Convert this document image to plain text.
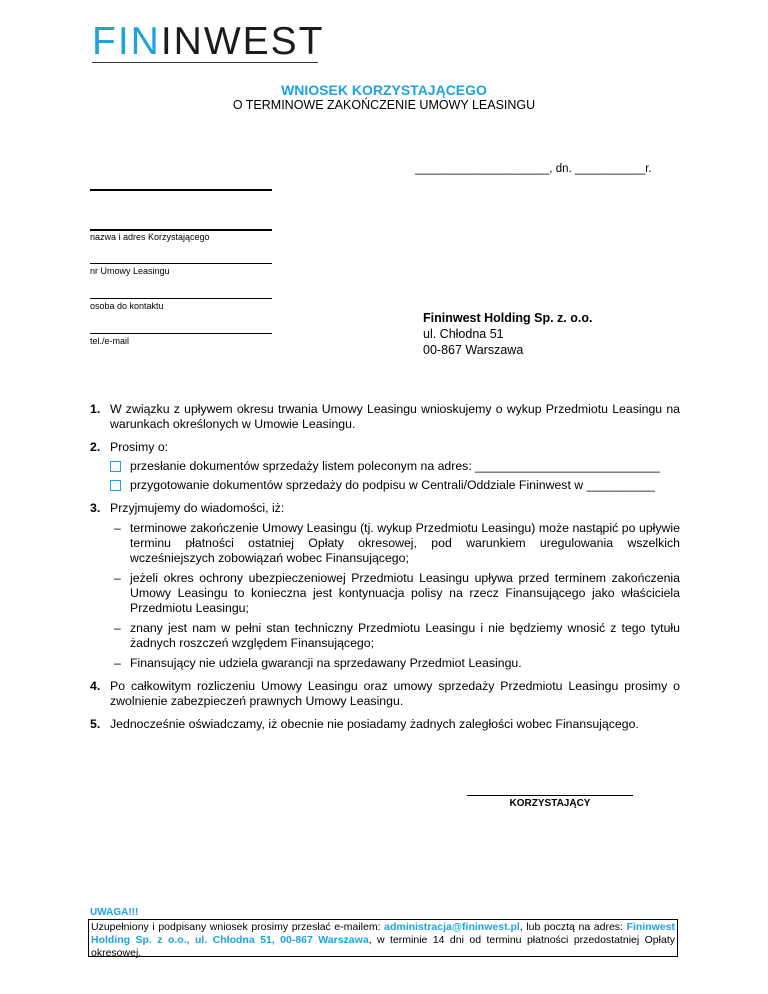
FININWEST
WNIOSEK KORZYSTAJĄCEGO
O TERMINOWE ZAKOŃCZENIE UMOWY LEASINGU
_____________________, dn. ___________r.
nazwa i adres Korzystającego
nr Umowy Leasingu
osoba do kontaktu
tel./e-mail
Fininwest Holding Sp. z. o.o.
ul. Chłodna 51
00-867 Warszawa
1. W związku z upływem okresu trwania Umowy Leasingu wnioskujemy o wykup Przedmiotu Leasingu na warunkach określonych w Umowie Leasingu.
2. Prosimy o:
przesłanie dokumentów sprzedaży listem poleconym na adres: ___________________________
przygotowanie dokumentów sprzedaży do podpisu w Centrali/Oddziale Fininwest w __________
3. Przyjmujemy do wiadomości, iż:
– terminowe zakończenie Umowy Leasingu (tj. wykup Przedmiotu Leasingu) może nastąpić po upływie terminu płatności ostatniej Opłaty okresowej, pod warunkiem uregulowania wszelkich wcześniejszych zobowiązań wobec Finansującego;
– jeżeli okres ochrony ubezpieczeniowej Przedmiotu Leasingu upływa przed terminem zakończenia Umowy Leasingu to konieczna jest kontynuacja polisy na rzecz Finansującego jako właściciela Przedmiotu Leasingu;
– znany jest nam w pełni stan techniczny Przedmiotu Leasingu i nie będziemy wnosić z tego tytułu żadnych roszczeń względem Finansującego;
– Finansujący nie udziela gwarancji na sprzedawany Przedmiot Leasingu.
4. Po całkowitym rozliczeniu Umowy Leasingu oraz umowy sprzedaży Przedmiotu Leasingu prosimy o zwolnienie zabezpieczeń prawnych Umowy Leasingu.
5. Jednocześnie oświadczamy, iż obecnie nie posiadamy żadnych zaległości wobec Finansującego.
KORZYSTAJĄCY
UWAGA!!!
Uzupełniony i podpisany wniosek prosimy przesłać e-mailem: administracja@fininwest.pl, lub pocztą na adres: Fininwest Holding Sp. z o.o., ul. Chłodna 51, 00-867 Warszawa, w terminie 14 dni od terminu płatności przedostatniej Opłaty okresowej.
